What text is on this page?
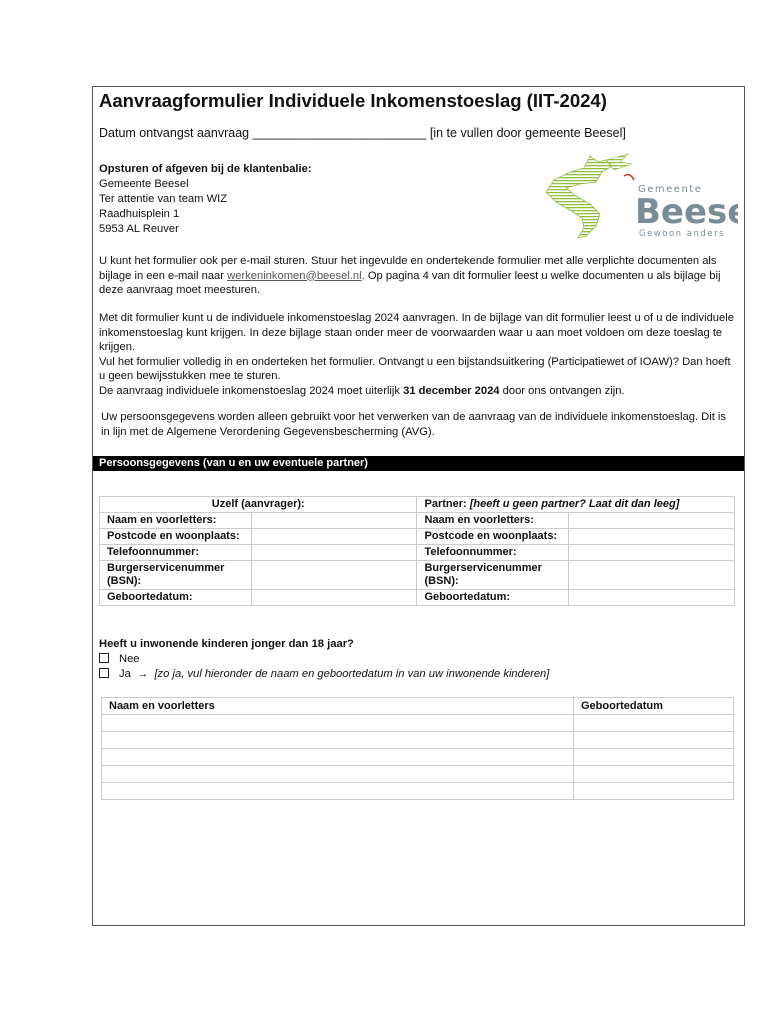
Aanvraagformulier Individuele Inkomenstoeslag (IIT-2024)
Datum ontvangst aanvraag _________________________ [in te vullen door gemeente Beesel]
Opsturen of afgeven bij de klantenbalie:
Gemeente Beesel
Ter attentie van team WIZ
Raadhuisplein 1
5953 AL Reuver
Gemeente
Bees
Gewoon anders

U kunt het formulier ook per e-mail sturen. Stuur het ingevulde en ondertekende formulier met alle verplichte documenten als bijlage in een e-mail naar werkeninkomen@beesel.nl. Op pagina 4 van dit formulier leest u welke documenten u als bijlage bij deze aanvraag moet meesturen.

Met dit formulier kunt u de individuele inkomenstoeslag 2024 aanvragen. In de bijlage van dit formulier leest u of u de individuele inkomenstoeslag kunt krijgen. In deze bijlage staan onder meer de voorwaarden waar u aan moet voldoen om deze toeslag te krijgen.
Vul het formulier volledig in en onderteken het formulier. Ontvangt u een bijstandsuitkering (Participatiewet of IOAW)? Dan hoeft u geen bewijsstukken mee te sturen.
De aanvraag individuele inkomenstoeslag 2024 moet uiterlijk 31 december 2024 door ons ontvangen zijn.

Uw persoonsgegevens worden alleen gebruikt voor het verwerken van de aanvraag van de individuele inkomenstoeslag. Dit is in lijn met de Algemene Verordening Gegevensbescherming (AVG).

Persoonsgegevens (van u en uw eventuele partner)
Uzelf (aanvrager):		Partner: [heeft u geen partner? Laat dit dan leeg]	
Naam en voorletters:		Naam en voorletters:	
Postcode en woonplaats:		Postcode en woonplaats:	
Telefoonnummer:		Telefoonnummer:	
Burgerservicenummer (BSN):		Burgerservicenummer (BSN):	
Geboortedatum:		Geboortedatum:	
Heeft u inwonende kinderen jonger dan 18 jaar?
Nee
Ja → [zo ja, vul hieronder de naam en geboortedatum in van uw inwonende kinderen]
Naam en voorletters	Geboortedatum
